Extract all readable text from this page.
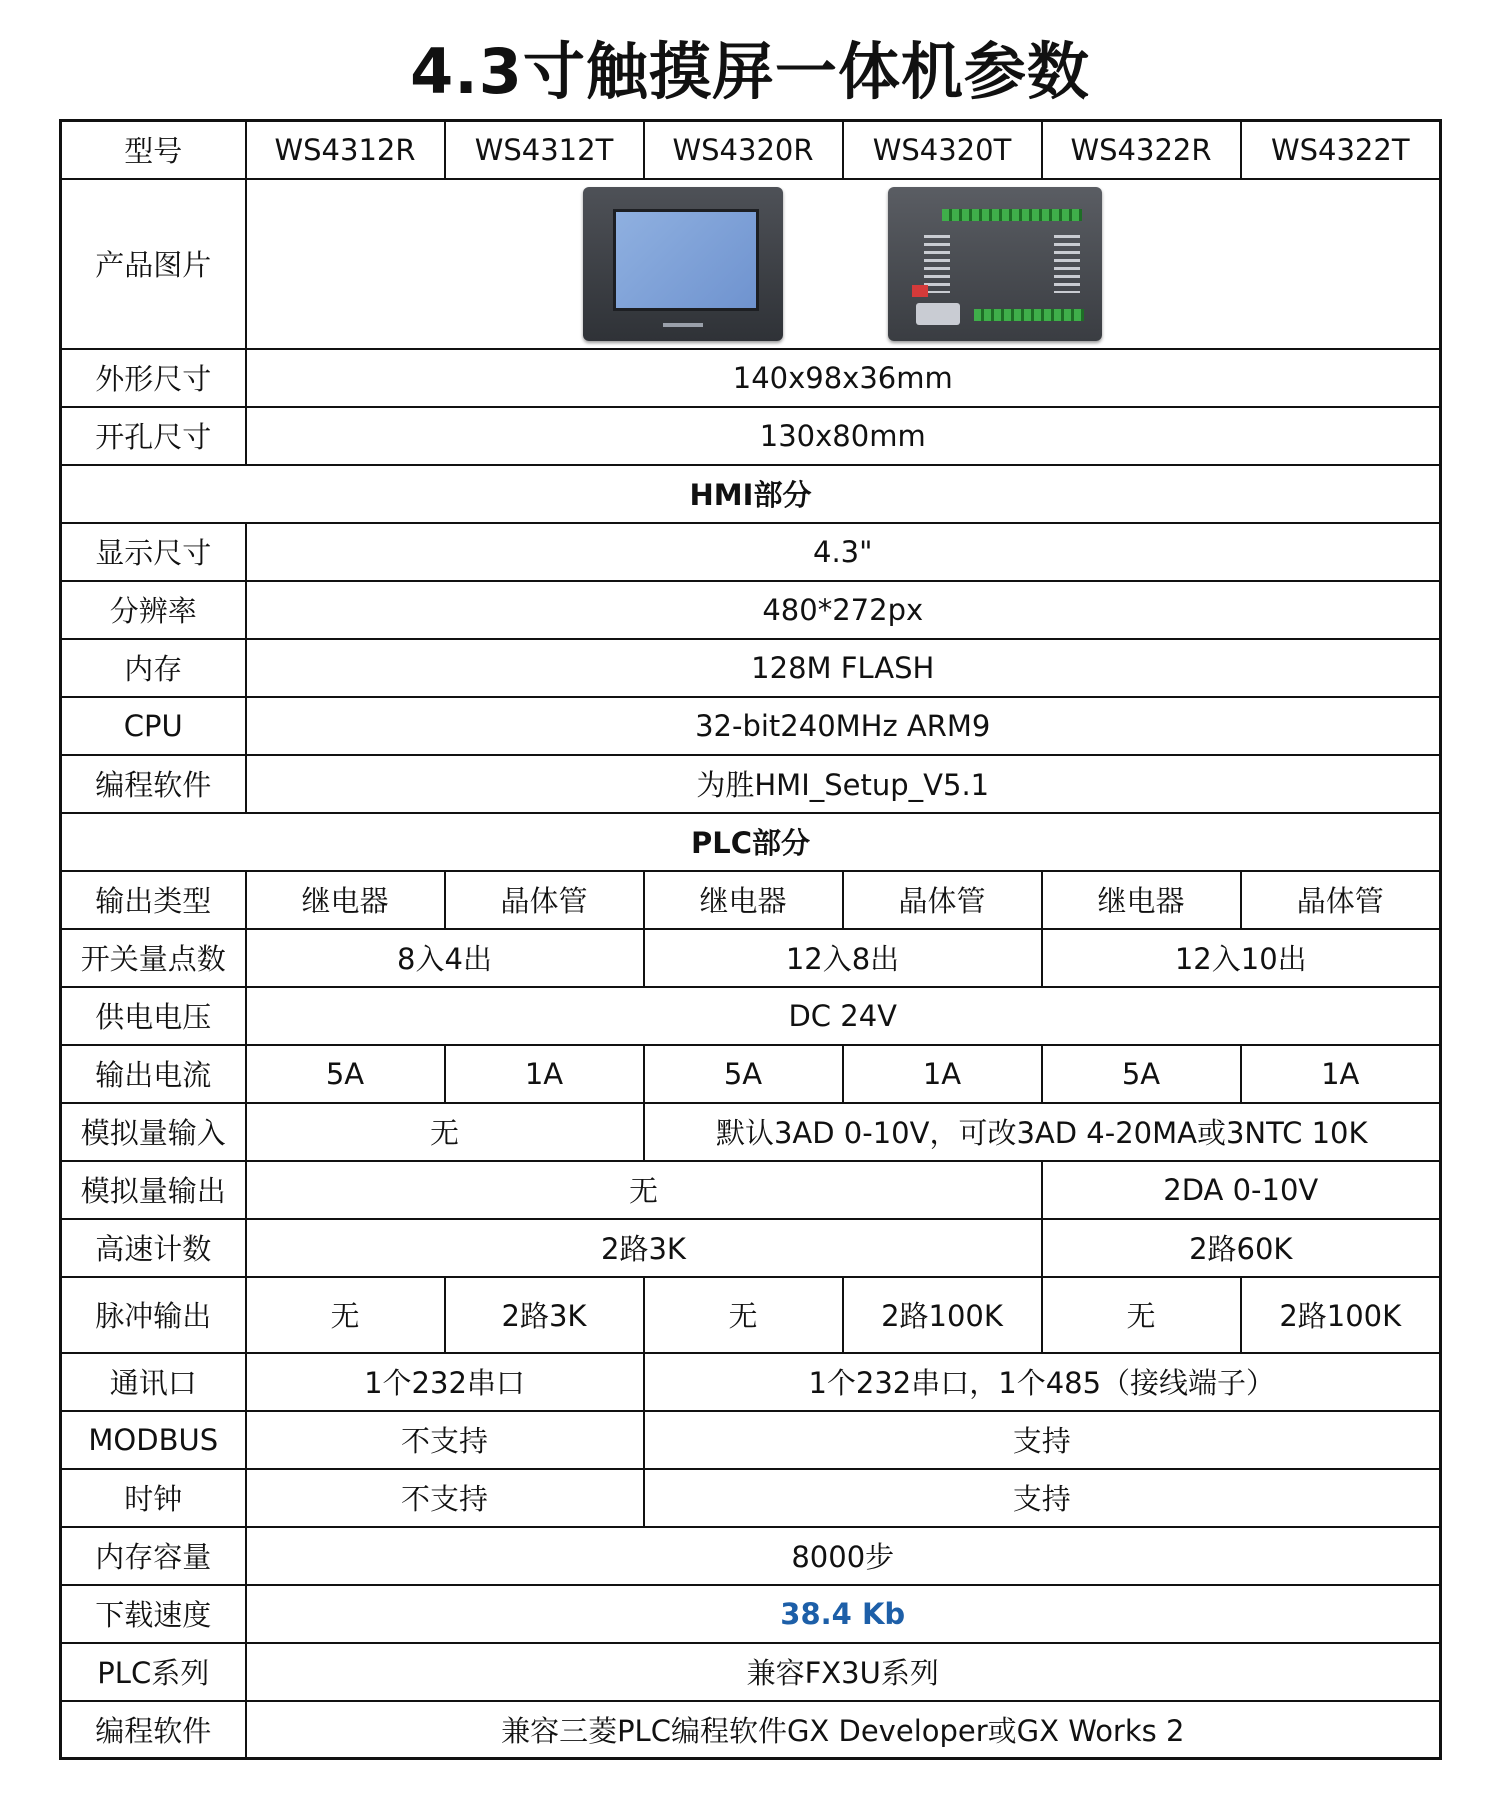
4.3寸触摸屏一体机参数
型号	WS4312R	WS4312T	WS4320R	WS4320T	WS4322R	WS4322T
产品图片						

外形尺寸	140x98x36mm					
开孔尺寸	130x80mm					
HMI部分						
显示尺寸	4.3"					
分辨率	480*272px					
内存	128M FLASH					
CPU	32-bit240MHz ARM9					
编程软件	为胜HMI_Setup_V5.1					
PLC部分						
输出类型	继电器	晶体管	继电器	晶体管	继电器	晶体管
开关量点数	8入4出		12入8出		12入10出	
供电电压	DC 24V					
输出电流	5A	1A	5A	1A	5A	1A
模拟量输入	无		默认3AD 0-10V，可改3AD 4-20MA或3NTC 10K			
模拟量输出	无				2DA 0-10V	
高速计数	2路3K				2路60K	
脉冲输出	无	2路3K	无	2路100K	无	2路100K
通讯口	1个232串口		1个232串口，1个485（接线端子）			
MODBUS	不支持		支持			
时钟	不支持		支持			
内存容量	8000步					
下载速度	38.4 Kb					
PLC系列	兼容FX3U系列					
编程软件	兼容三菱PLC编程软件GX Developer或GX Works 2					
